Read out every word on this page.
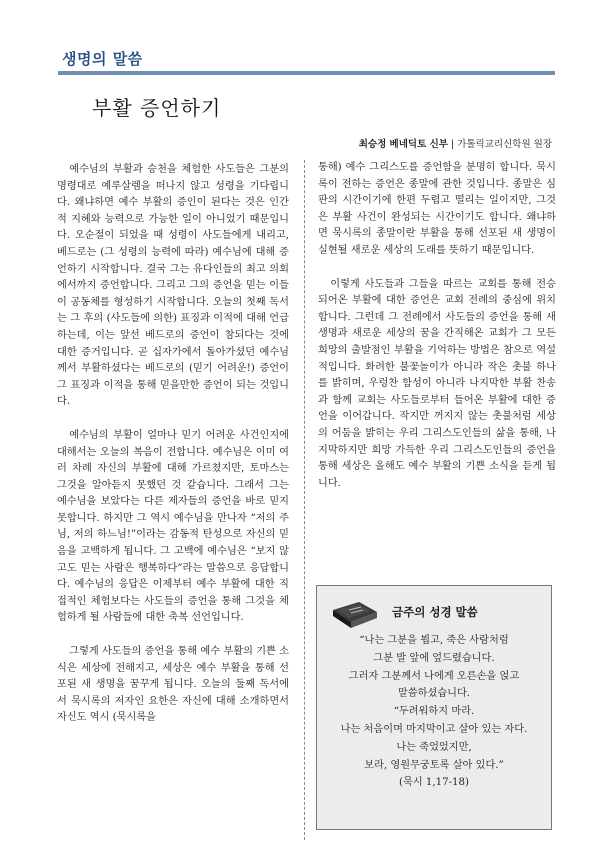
생명의 말씀
부활 증언하기
최승정 베네딕토 신부 | 가톨릭교리신학원 원장

예수님의 부활과 승천을 체험한 사도들은 그분의 명령대로 예루살렘을 떠나지 않고 성령을 기다립니다. 왜냐하면 예수 부활의 증인이 된다는 것은 인간적 지혜와 능력으로 가능한 일이 아니었기 때문입니다. 오순절이 되었을 때 성령이 사도들에게 내리고, 베드로는 (그 성령의 능력에 따라) 예수님에 대해 증언하기 시작합니다. 결국 그는 유다인들의 최고 의회에서까지 증언합니다. 그리고 그의 증언을 믿는 이들이 공동체를 형성하기 시작합니다. 오늘의 첫째 독서는 그 후의 (사도들에 의한) 표징과 이적에 대해 언급하는데, 이는 앞선 베드로의 증언이 참되다는 것에 대한 증거입니다. 곧 십자가에서 돌아가셨던 예수님께서 부활하셨다는 베드로의 (믿기 어려운!) 증언이 그 표징과 이적을 통해 믿을만한 증언이 되는 것입니다.

예수님의 부활이 얼마나 믿기 어려운 사건인지에 대해서는 오늘의 복음이 전합니다. 예수님은 이미 여러 차례 자신의 부활에 대해 가르쳤지만, 토마스는 그것을 알아듣지 못했던 것 같습니다. 그래서 그는 예수님을 보았다는 다른 제자들의 증언을 바로 믿지 못합니다. 하지만 그 역시 예수님을 만나자 “저의 주님, 저의 하느님!”이라는 감동적 탄성으로 자신의 믿음을 고백하게 됩니다. 그 고백에 예수님은 “보지 않고도 믿는 사람은 행복하다”라는 말씀으로 응답합니다. 예수님의 응답은 이제부터 예수 부활에 대한 직접적인 체험보다는 사도들의 증언을 통해 그것을 체험하게 될 사람들에 대한 축복 선언입니다.

그렇게 사도들의 증언을 통해 예수 부활의 기쁜 소식은 세상에 전해지고, 세상은 예수 부활을 통해 선포된 새 생명을 꿈꾸게 됩니다. 오늘의 둘째 독서에서 묵시록의 저자인 요한은 자신에 대해 소개하면서 자신도 역시 (묵시록을

통해) 예수 그리스도를 증언함을 분명히 합니다. 묵시록이 전하는 증언은 종말에 관한 것입니다. 종말은 심판의 시간이기에 한편 두렵고 떨리는 일이지만, 그것은 부활 사건이 완성되는 시간이기도 합니다. 왜냐하면 묵시록의 종말이란 부활을 통해 선포된 새 생명이 실현될 새로운 세상의 도래를 뜻하기 때문입니다.

이렇게 사도들과 그들을 따르는 교회를 통해 전승되어온 부활에 대한 증언은 교회 전례의 중심에 위치합니다. 그런데 그 전례에서 사도들의 증언을 통해 새 생명과 새로운 세상의 꿈을 간직해온 교회가 그 모든 희망의 출발점인 부활을 기억하는 방법은 참으로 역설적입니다. 화려한 불꽃놀이가 아니라 작은 촛불 하나를 밝히며, 우렁찬 함성이 아니라 나지막한 부활 찬송과 함께 교회는 사도들로부터 들어온 부활에 대한 증언을 이어갑니다. 작지만 꺼지지 않는 촛불처럼 세상의 어둠을 밝히는 우리 그리스도인들의 삶을 통해, 나지막하지만 희망 가득한 우리 그리스도인들의 증언을 통해 세상은 올해도 예수 부활의 기쁜 소식을 듣게 됩니다.

금주의 성경 말씀
“나는 그분을 뵙고, 죽은 사람처럼
그분 발 앞에 엎드렸습니다.
그러자 그분께서 나에게 오른손을 얹고
말씀하셨습니다.
“두려워하지 마라.
나는 처음이며 마지막이고 살아 있는 자다.
나는 죽었었지만,
보라, 영원무궁토록 살아 있다.”
(묵시 1,17-18)
